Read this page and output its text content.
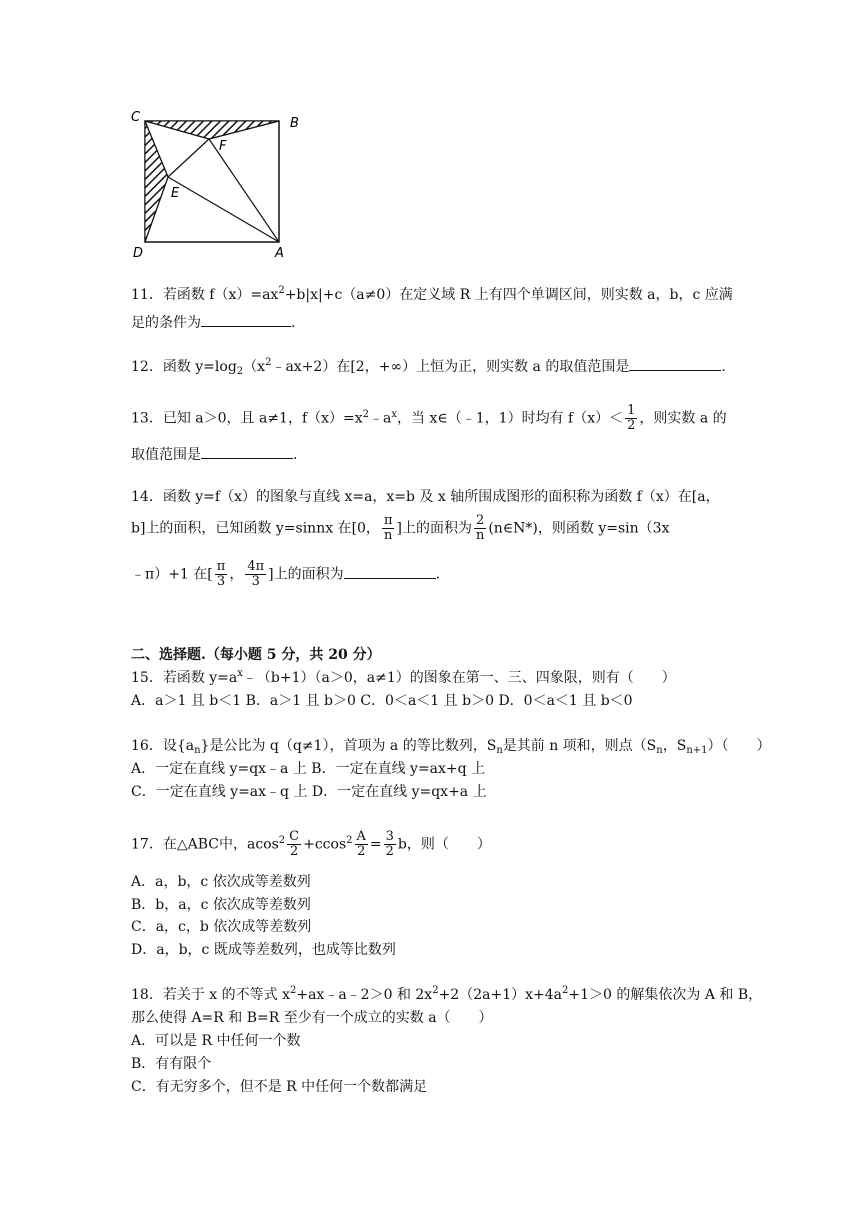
C	B
D	A
E
F
11．若函数 $f(x)=ax^2+b|x|+c(a\ne 0)$在定义域 R 上有四个单调区间，则实数 a，b，c 应满
足的条件为	.
12．函数 $y=\log_2(x^2﹣ax+2)$在[2，+∞）上恒为正，则实数 a 的取值范围是	.
13．已知 a＞0，且 a≠1，$f(x)=x^2﹣a^x$，当 x∈（﹣1，1）时均有 $f(x)< \frac{1}{2}$ ，则实数 a 的
取值范围是	.
14．函数 y=f（x）的图象与直线 x=a，x=b 及 x 轴所围成图形的面积称为函数 f（x）在[a，
b]上的面积，已知函数 y=sinnx 在[0， $\frac{\pi}{n}$ ]上的面积为 $\frac{2}{n}$ (n∈N*)，则函数 y=sin（3x
﹣π）+1 在[ $\frac{\pi}{3}$ ， $\frac{4\pi}{3}$ ]上的面积为	.
二、选择题.（每小题 5 分，共 20 分）
15．若函数 $y=a^x﹣(b+1)(a>0$，a≠1）的图象在第一、三、四象限，则有（　　）
A．a＞1 且 b＜1 B．a＞1 且 b＞0 C．0＜a＜1 且 b＞0 D．0＜a＜1 且 b＜0
16．设$\{a_n\}$是公比为 q（q≠1），首项为 a 的等比数列，$S_n$是其前 n 项和，则点（$S_n$，$S_{n+1}$）（　　）
A．一定在直线 y=qx﹣a 上 B．一定在直线 y=ax+q 上
C．一定在直线 y=ax﹣q 上 D．一定在直线 y=qx+a 上
17．在△ABC中，$acos^2 \frac{C}{2} +ccos^2 \frac{A}{2} = \frac{3}{2}$ b，则（　　）
A．a，b，c 依次成等差数列
B．b，a，c 依次成等差数列
C．a，c，b 依次成等差数列
D．a，b，c 既成等差数列，也成等比数列
18．若关于 x 的不等式 $x^2+ax﹣a﹣2>0$ 和 $2x^2+2(2a+1)x+4a^2+1>0$ 的解集依次为 A 和 B，
那么使得 A=R 和 B=R 至少有一个成立的实数 a（　　）
A．可以是 R 中任何一个数
B．有有限个
C．有无穷多个，但不是 R 中任何一个数都满足
